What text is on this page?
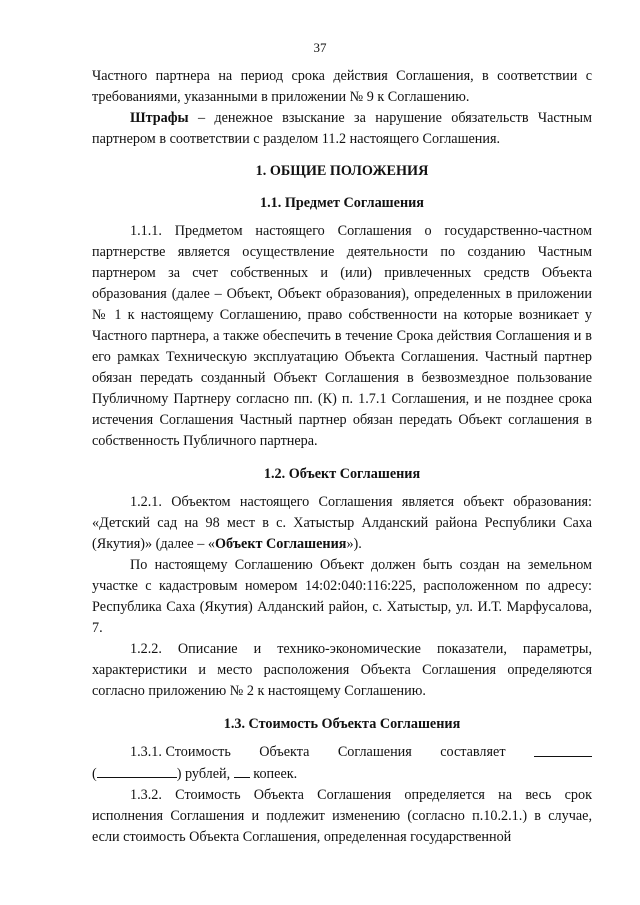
37

Частного партнера на период срока действия Соглашения, в соответствии с требованиями, указанными в приложении № 9 к Соглашению.

Штрафы – денежное взыскание за нарушение обязательств Частным партнером в соответствии с разделом 11.2 настоящего Соглашения.

1. ОБЩИЕ ПОЛОЖЕНИЯ

1.1. Предмет Соглашения

1.1.1. Предметом настоящего Соглашения о государственно-частном партнерстве является осуществление деятельности по созданию Частным партнером за счет собственных и (или) привлеченных средств Объекта образования (далее – Объект, Объект образования), определенных в приложении № 1 к настоящему Соглашению, право собственности на которые возникает у Частного партнера, а также обеспечить в течение Срока действия Соглашения и в его рамках Техническую эксплуатацию Объекта Соглашения. Частный партнер обязан передать созданный Объект Соглашения в безвозмездное пользование Публичному Партнеру согласно пп. (К) п. 1.7.1 Соглашения, и не позднее срока истечения Соглашения Частный партнер обязан передать Объект соглашения в собственность Публичного партнера.

1.2. Объект Соглашения

1.2.1. Объектом настоящего Соглашения является объект образования: «Детский сад на 98 мест в с. Хатыстыр Алданский района Республики Саха (Якутия)» (далее – «Объект Соглашения»).

По настоящему Соглашению Объект должен быть создан на земельном участке с кадастровым номером 14:02:040:116:225, расположенном по адресу: Республика Саха (Якутия) Алданский район, с. Хатыстыр, ул. И.Т. Марфусалова, 7.

1.2.2. Описание и технико-экономические показатели, параметры, характеристики и место расположения Объекта Соглашения определяются согласно приложению № 2 к настоящему Соглашению.

1.3. Стоимость Объекта Соглашения

1.3.1. Стоимость Объекта Соглашения составляет
(	) рублей,  копеек.

1.3.2. Стоимость Объекта Соглашения определяется на весь срок исполнения Соглашения и подлежит изменению (согласно п.10.2.1.) в случае, если стоимость Объекта Соглашения, определенная государственной
